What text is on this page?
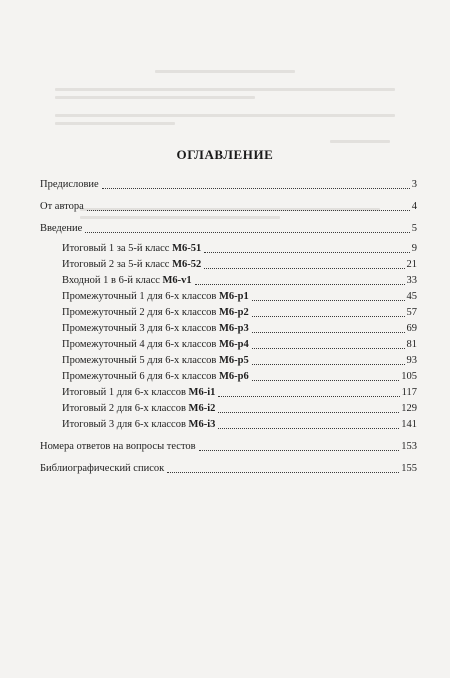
ОГЛАВЛЕНИЕ
Предисловие	3
От автора	4
Введение	5
Итоговый 1 за 5-й класс М6-51	9
Итоговый 2 за 5-й класс М6-52	21
Входной 1 в 6-й класс М6-v1	33
Промежуточный 1 для 6-х классов М6-р1	45
Промежуточный 2 для 6-х классов М6-р2	57
Промежуточный 3 для 6-х классов М6-р3	69
Промежуточный 4 для 6-х классов М6-р4	81
Промежуточный 5 для 6-х классов М6-р5	93
Промежуточный 6 для 6-х классов М6-р6	105
Итоговый 1 для 6-х классов М6-i1	117
Итоговый 2 для 6-х классов М6-i2	129
Итоговый 3 для 6-х классов М6-i3	141
Номера ответов на вопросы тестов	153
Библиографический список	155
